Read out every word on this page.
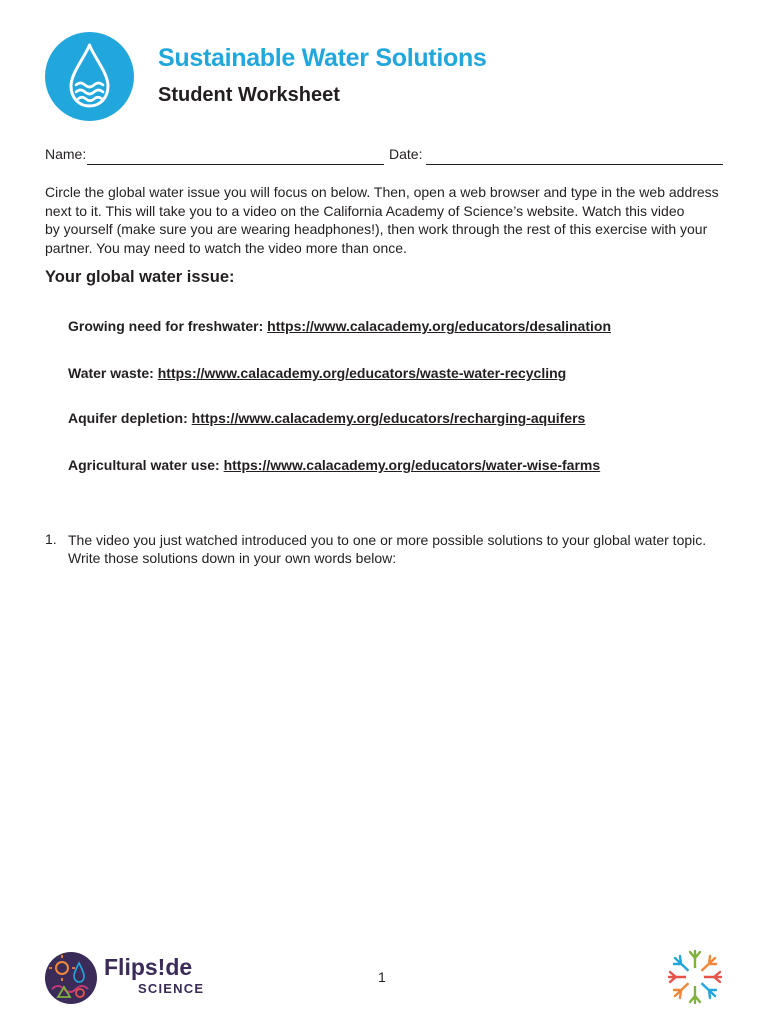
Sustainable Water Solutions
Student Worksheet
Name:	Date:
Circle the global water issue you will focus on below. Then, open a web browser and type in the web address
next to it. This will take you to a video on the California Academy of Science’s website. Watch this video
by yourself (make sure you are wearing headphones!), then work through the rest of this exercise with your
partner. You may need to watch the video more than once.
Your global water issue:
Growing need for freshwater: https://www.calacademy.org/educators/desalination
Water waste: https://www.calacademy.org/educators/waste-water-recycling
Aquifer depletion: https://www.calacademy.org/educators/recharging-aquifers
Agricultural water use: https://www.calacademy.org/educators/water-wise-farms
1. The video you just watched introduced you to one or more possible solutions to your global water topic.
Write those solutions down in your own words below:
Flips!de
SCIENCE
1
